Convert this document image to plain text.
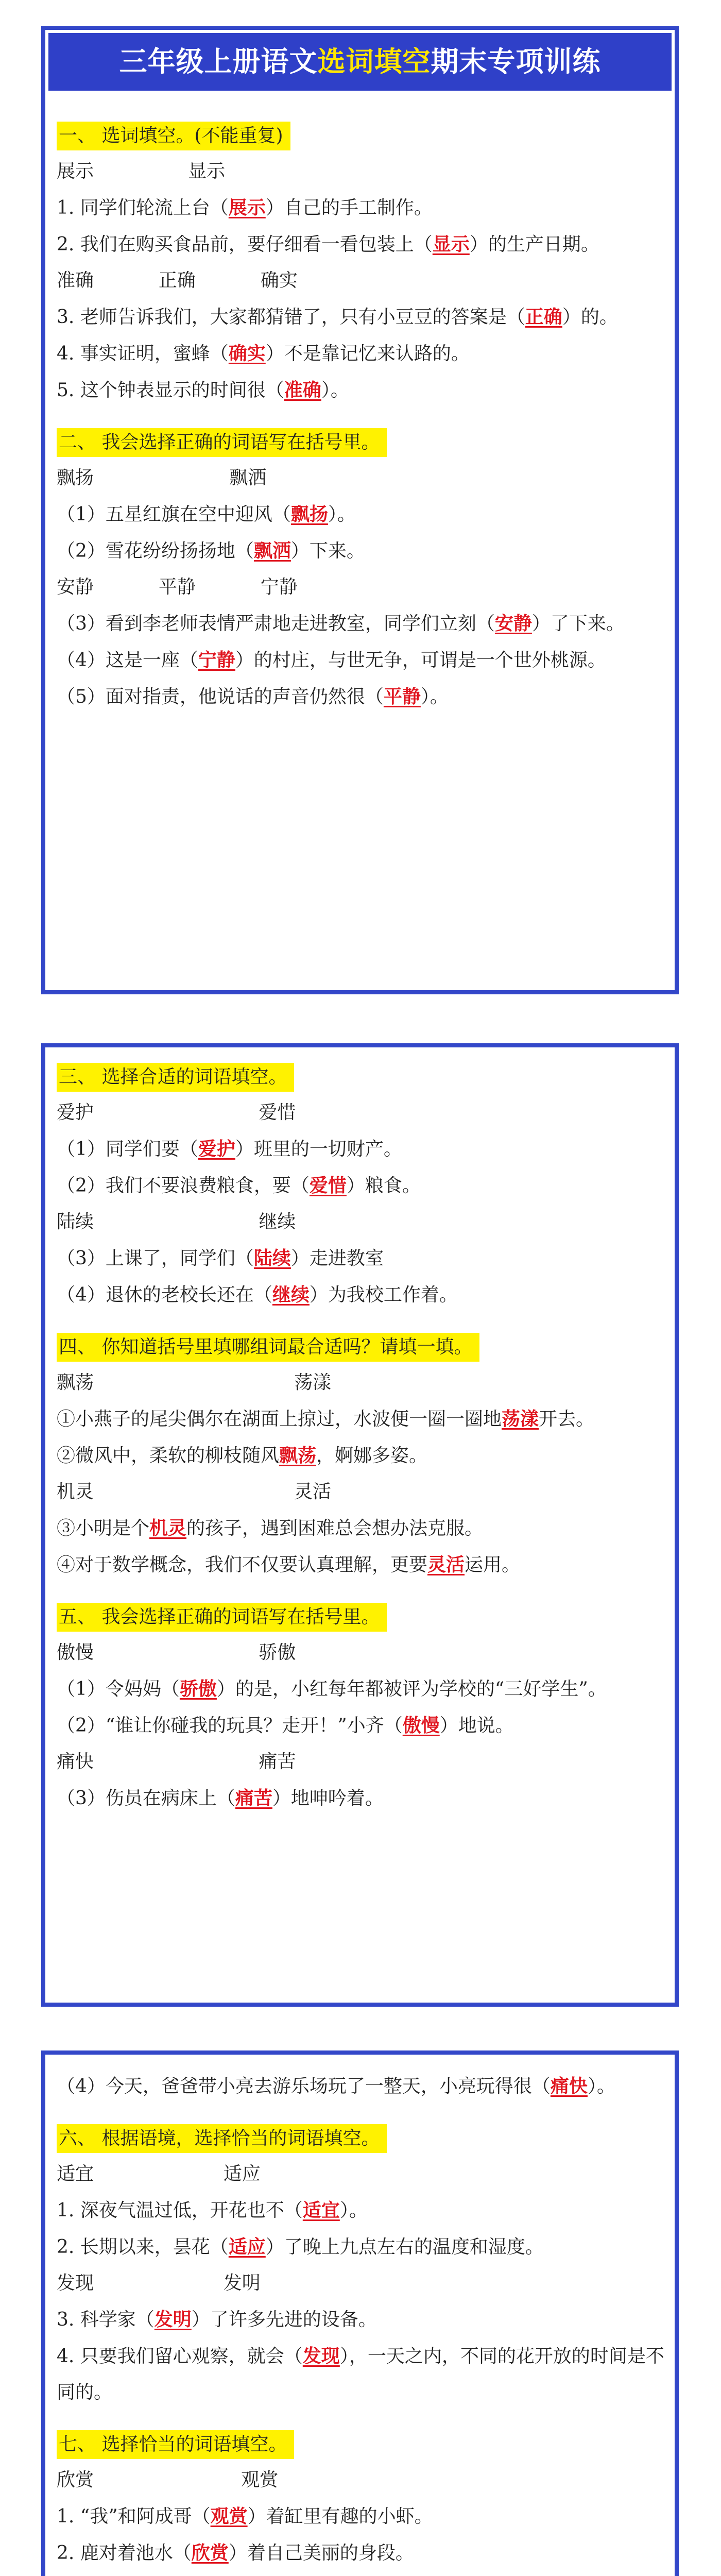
三年级上册语文选词填空期末专项训练
一、 选词填空。(不能重复)
展示                显示
1. 同学们轮流上台（展示）自己的手工制作。
2. 我们在购买食品前，要仔细看一看包装上（显示）的生产日期。
准确           正确           确实
3. 老师告诉我们，大家都猜错了，只有小豆豆的答案是（正确）的。
4. 事实证明，蜜蜂（确实）不是靠记忆来认路的。
5. 这个钟表显示的时间很（准确）。
二、 我会选择正确的词语写在括号里。
飘扬                       飘洒
（1）五星红旗在空中迎风（飘扬）。
（2）雪花纷纷扬扬地（飘洒）下来。
安静           平静           宁静
（3）看到李老师表情严肃地走进教室，同学们立刻（安静）了下来。
（4）这是一座（宁静）的村庄，与世无争，可谓是一个世外桃源。
（5）面对指责，他说话的声音仍然很（平静）。
三、 选择合适的词语填空。
爱护                            爱惜
（1）同学们要（爱护）班里的一切财产。
（2）我们不要浪费粮食，要（爱惜）粮食。
陆续                            继续
（3）上课了，同学们（陆续）走进教室
（4）退休的老校长还在（继续）为我校工作着。
四、 你知道括号里填哪组词最合适吗？请填一填。
飘荡                                  荡漾
①小燕子的尾尖偶尔在湖面上掠过，水波便一圈一圈地荡漾开去。
②微风中，柔软的柳枝随风飘荡，婀娜多姿。
机灵                                  灵活
③小明是个机灵的孩子，遇到困难总会想办法克服。
④对于数学概念，我们不仅要认真理解，更要灵活运用。
五、 我会选择正确的词语写在括号里。
傲慢                            骄傲
（1）令妈妈（骄傲）的是，小红每年都被评为学校的“三好学生”。
（2）“谁让你碰我的玩具？走开！”小齐（傲慢）地说。
痛快                            痛苦
（3）伤员在病床上（痛苦）地呻吟着。
（4）今天，爸爸带小亮去游乐场玩了一整天，小亮玩得很（痛快）。
六、 根据语境，选择恰当的词语填空。
适宜                      适应
1. 深夜气温过低，开花也不（适宜）。
2. 长期以来，昙花（适应）了晚上九点左右的温度和湿度。
发现                      发明
3. 科学家（发明）了许多先进的设备。
4. 只要我们留心观察，就会（发现），一天之内，不同的花开放的时间是不同的。
七、 选择恰当的词语填空。
欣赏                         观赏
1. “我”和阿成哥（观赏）着缸里有趣的小虾。
2. 鹿对着池水（欣赏）着自己美丽的身段。
